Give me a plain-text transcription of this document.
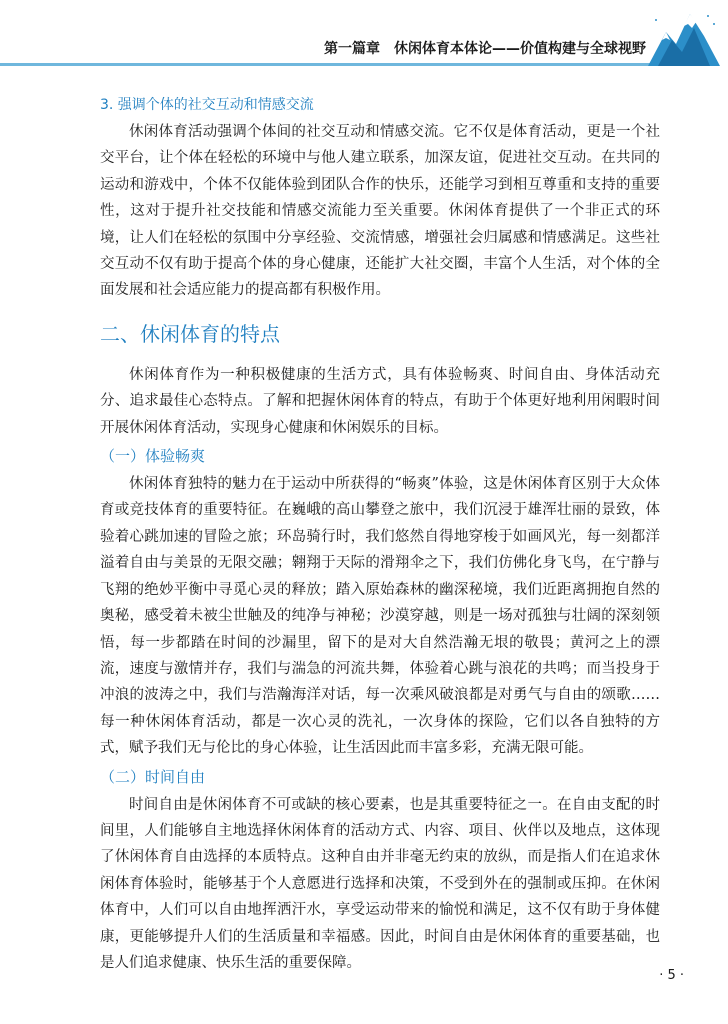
第一篇章　休闲体育本体论——价值构建与全球视野
3. 强调个体的社交互动和情感交流

休闲体育活动强调个体间的社交互动和情感交流。它不仅是体育活动，更是一个社交平台，让个体在轻松的环境中与他人建立联系，加深友谊，促进社交互动。在共同的运动和游戏中，个体不仅能体验到团队合作的快乐，还能学习到相互尊重和支持的重要性，这对于提升社交技能和情感交流能力至关重要。休闲体育提供了一个非正式的环境，让人们在轻松的氛围中分享经验、交流情感，增强社会归属感和情感满足。这些社交互动不仅有助于提高个体的身心健康，还能扩大社交圈，丰富个人生活，对个体的全面发展和社会适应能力的提高都有积极作用。

二、休闲体育的特点

休闲体育作为一种积极健康的生活方式，具有体验畅爽、时间自由、身体活动充分、追求最佳心态特点。了解和把握休闲体育的特点，有助于个体更好地利用闲暇时间开展休闲体育活动，实现身心健康和休闲娱乐的目标。

（一）体验畅爽

休闲体育独特的魅力在于运动中所获得的“畅爽”体验，这是休闲体育区别于大众体育或竞技体育的重要特征。在巍峨的高山攀登之旅中，我们沉浸于雄浑壮丽的景致，体验着心跳加速的冒险之旅；环岛骑行时，我们悠然自得地穿梭于如画风光，每一刻都洋溢着自由与美景的无限交融；翱翔于天际的滑翔伞之下，我们仿佛化身飞鸟，在宁静与飞翔的绝妙平衡中寻觅心灵的释放；踏入原始森林的幽深秘境，我们近距离拥抱自然的奥秘，感受着未被尘世触及的纯净与神秘；沙漠穿越，则是一场对孤独与壮阔的深刻领悟，每一步都踏在时间的沙漏里，留下的是对大自然浩瀚无垠的敬畏；黄河之上的漂流，速度与激情并存，我们与湍急的河流共舞，体验着心跳与浪花的共鸣；而当投身于冲浪的波涛之中，我们与浩瀚海洋对话，每一次乘风破浪都是对勇气与自由的颂歌……每一种休闲体育活动，都是一次心灵的洗礼，一次身体的探险，它们以各自独特的方式，赋予我们无与伦比的身心体验，让生活因此而丰富多彩，充满无限可能。

（二）时间自由

时间自由是休闲体育不可或缺的核心要素，也是其重要特征之一。在自由支配的时间里，人们能够自主地选择休闲体育的活动方式、内容、项目、伙伴以及地点，这体现了休闲体育自由选择的本质特点。这种自由并非毫无约束的放纵，而是指人们在追求休闲体育体验时，能够基于个人意愿进行选择和决策，不受到外在的强制或压抑。在休闲体育中，人们可以自由地挥洒汗水，享受运动带来的愉悦和满足，这不仅有助于身体健康，更能够提升人们的生活质量和幸福感。因此，时间自由是休闲体育的重要基础，也是人们追求健康、快乐生活的重要保障。

· 5 ·
